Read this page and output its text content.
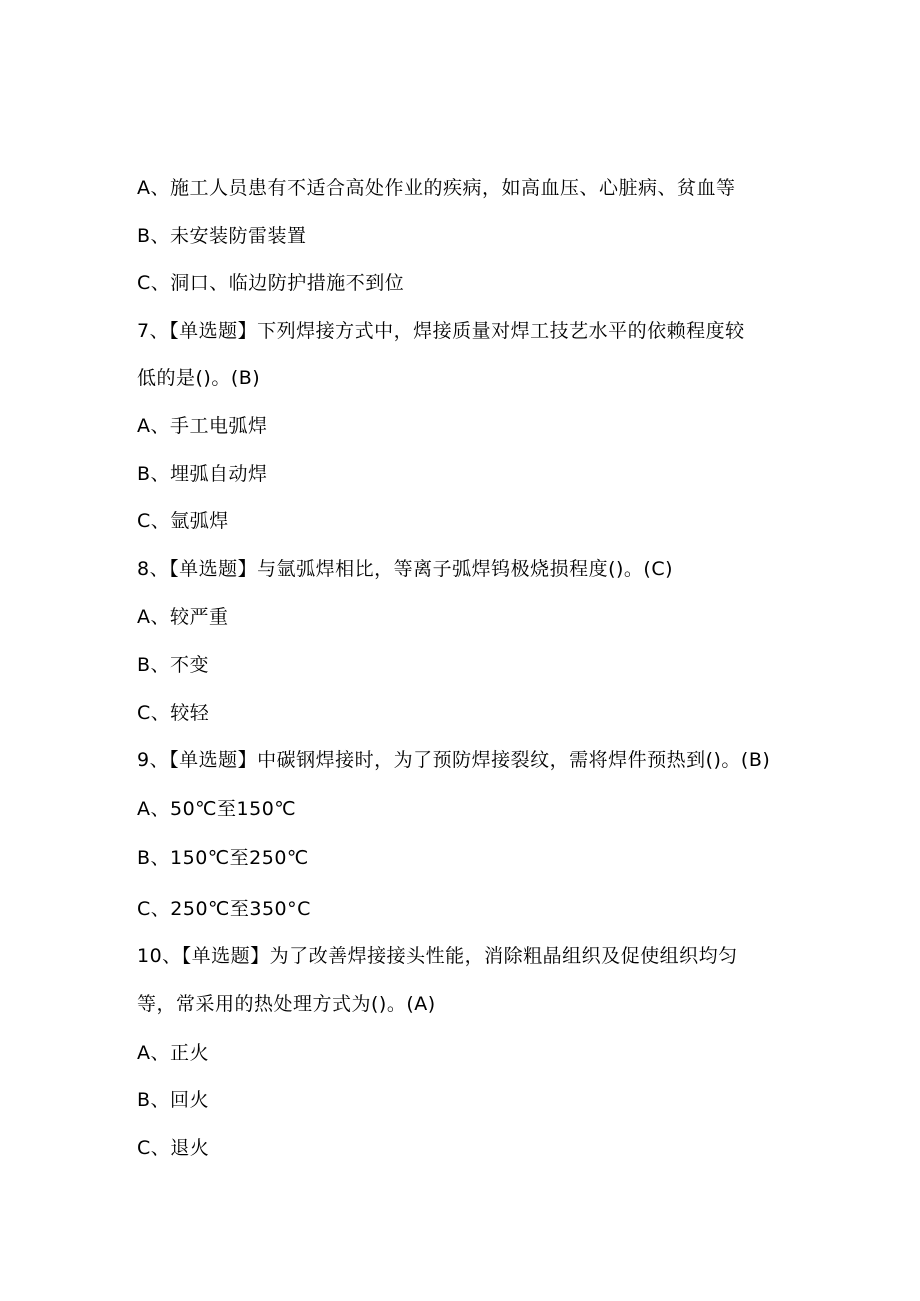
A、施工人员患有不适合高处作业的疾病，如高血压、心脏病、贫血等
B、未安装防雷装置
C、洞口、临边防护措施不到位
7、【单选题】下列焊接方式中，焊接质量对焊工技艺水平的依赖程度较
低的是()。(B)
A、手工电弧焊
B、埋弧自动焊
C、氩弧焊
8、【单选题】与氩弧焊相比，等离子弧焊钨极烧损程度()。(C)
A、较严重
B、不变
C、较轻
9、【单选题】中碳钢焊接时，为了预防焊接裂纹，需将焊件预热到()。(B)
A、50℃至150℃
B、150℃至250℃
C、250℃至350°C
10、【单选题】为了改善焊接接头性能，消除粗晶组织及促使组织均匀
等，常采用的热处理方式为()。(A)
A、正火
B、回火
C、退火
